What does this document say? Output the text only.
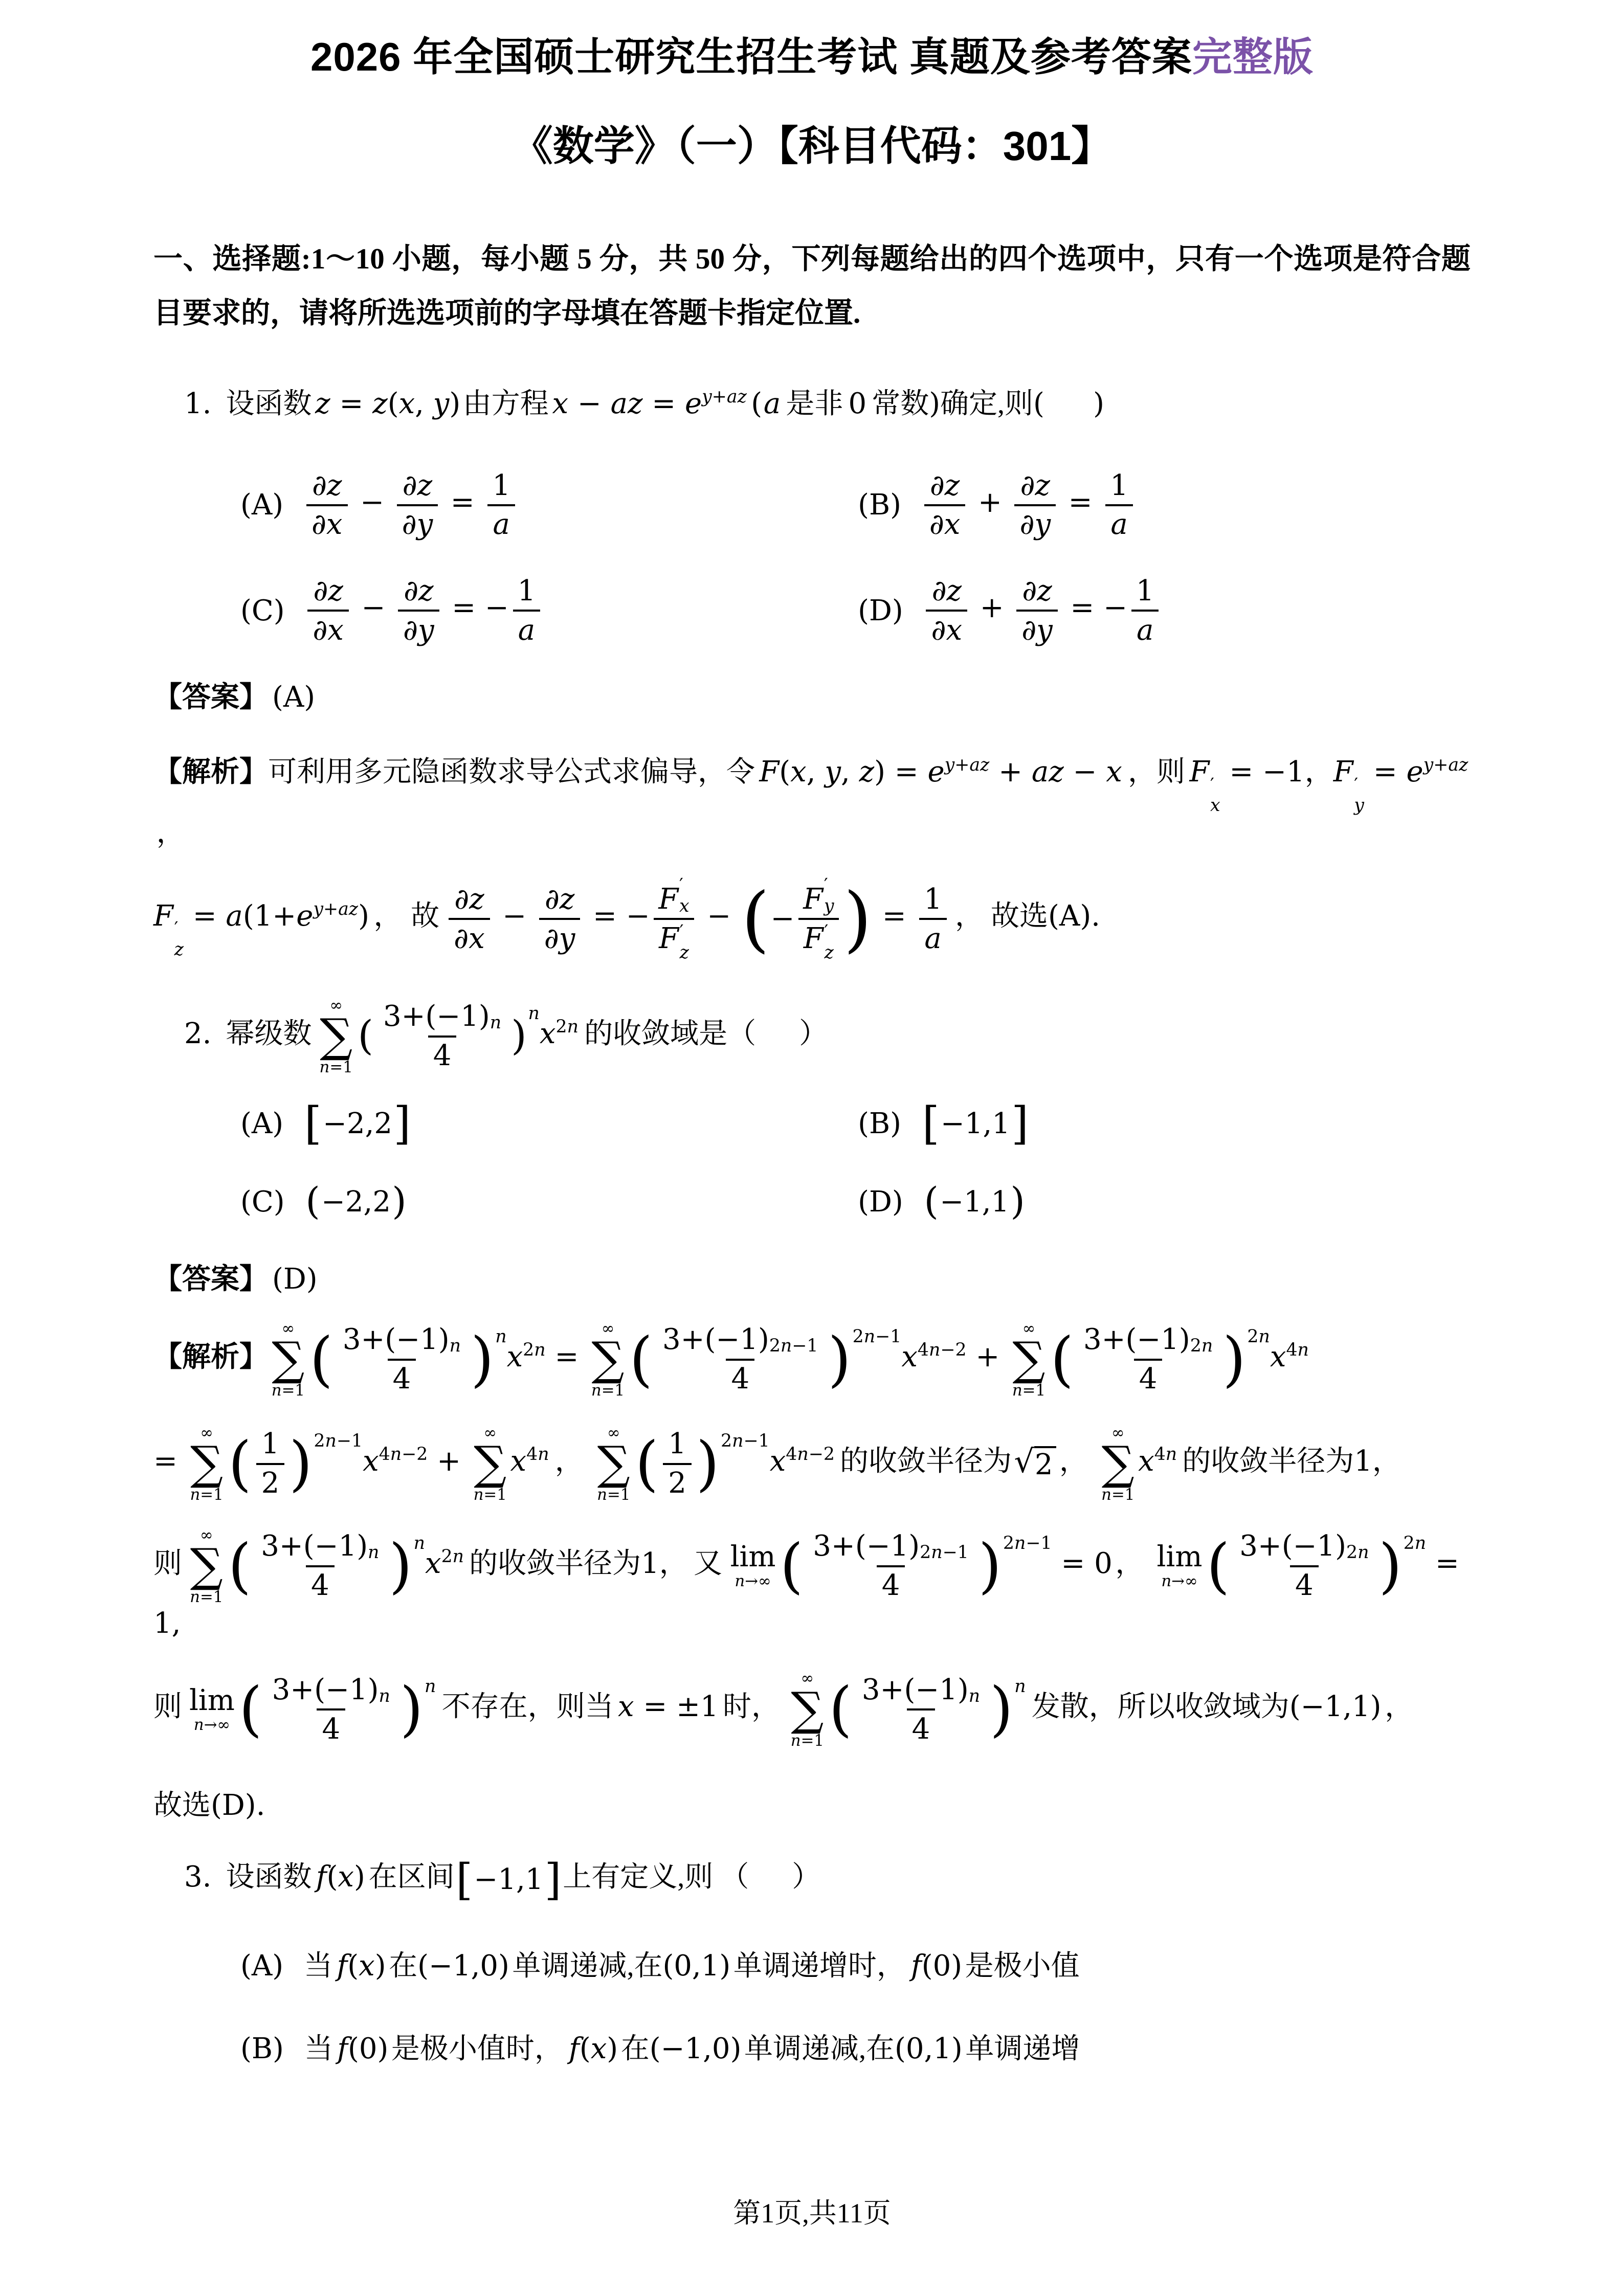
2026 年全国硕士研究生招生考试 真题及参考答案完整版
《数学》（一）【科目代码：301】

一、选择题:1～10 小题，每小题 5 分，共 50 分，下列每题给出的四个选项中，只有一个选项是符合题目要求的，请将所选选项前的字母填在答题卡指定位置.

1. 设函数 z = z(x, y)由方程 x − az = $e^{y+az}$ (a 是非 0 常数)确定,则( )
$(A) \frac{\partial z}{\partial x} - \frac{\partial z}{\partial y} = \frac{1}{a}$	$(B) \frac{\partial z}{\partial x} + \frac{\partial z}{\partial y} = \frac{1}{a}$
$(C) \frac{\partial z}{\partial x} - \frac{\partial z}{\partial y}$ = − $\frac{1}{a}$	$(D) \frac{\partial z}{\partial x} + \frac{\partial z}{\partial y}$ = − $\frac{1}{a}$
【答案】 (A)
【解析】可利用多元隐函数求导公式求偏导，令 F(x, y, $z) = e^{y+az}$ + az − x ，则 F ′
x
= −1，F ′
y
= $e^{y+az}$，
F ′
z
= $a(1+e^{y+az})$ ， 故 $\frac{\partial z}{\partial x} - \frac{\partial z}{\partial y}$ = − F ′
x
F ′
z − ( − F ′
y
F ′
z ) = $\frac{1}{a}$ ， 故选(A).
2. 幂级数
∞
∑
n=1
( $\frac{3+(-1) n}{4}$ ) $^nx^{2n}$ 的收敛域是（ ）
(A) [ −2,2 ]	(B) [ −1,1 ]
(C) ( −2,2 )	(D) ( −1,1 )
【答案】 (D)
【解析】
∞
∑
n=1 ( $\frac{3+(-1) n}{4}$ ) $^nx^{2n}$ =
∞
∑
n=1 ( $\frac{3+(-1) 2n-1}{4}$ ) $^{2n-1}x^{4n-2}$ +
∞
∑
n=1 ( $\frac{3+(-1) 2n}{4}$ ) $^{2n}x^{4n}$
=
∞
∑
n=1 ( $\frac{1}{2}$ ) $^{2n-1}x^{4n-2}$ +
∞
∑
n=1
$x^{4n}$ ，
∞
∑
n=1 ( $\frac{1}{2}$ ) $^{2n-1}x^{4n-2}$ 的收敛半径为 √ 2 ，
∞
∑
n=1
$x^{4n}$ 的收敛半径为1，
则
∞
∑
n=1 ( $\frac{3+(-1) n}{4}$ ) $^nx^{2n}$ 的收敛半径为1， 又 lim
n→∞ ( $\frac{3+(-1) 2n-1}{4}$ ) $^{2n-1}$ = 0， lim
n→∞ ( $\frac{3+(-1) 2n}{4}$ ) $^{2n}$ = 1,
则 lim
n→∞ ( $\frac{3+(-1) n}{4}$ ) $^n$不存在，则当 x = ±1 时，
∞
∑
n=1 ( $\frac{3+(-1) n}{4}$ ) $^n$发散，所以收敛域为(−1,1) ，
故选(D).
3. 设函数 f(x) 在区间 [ −1,1 ] 上有定义,则 （ ）
(A) 当 f(x)在(−1,0)单调递减,在(0,1)单调递增时， f(0)是极小值
(B) 当 f(0)是极小值时， f(x)在(−1,0)单调递减,在(0,1)单调递增
第1页,共11页
